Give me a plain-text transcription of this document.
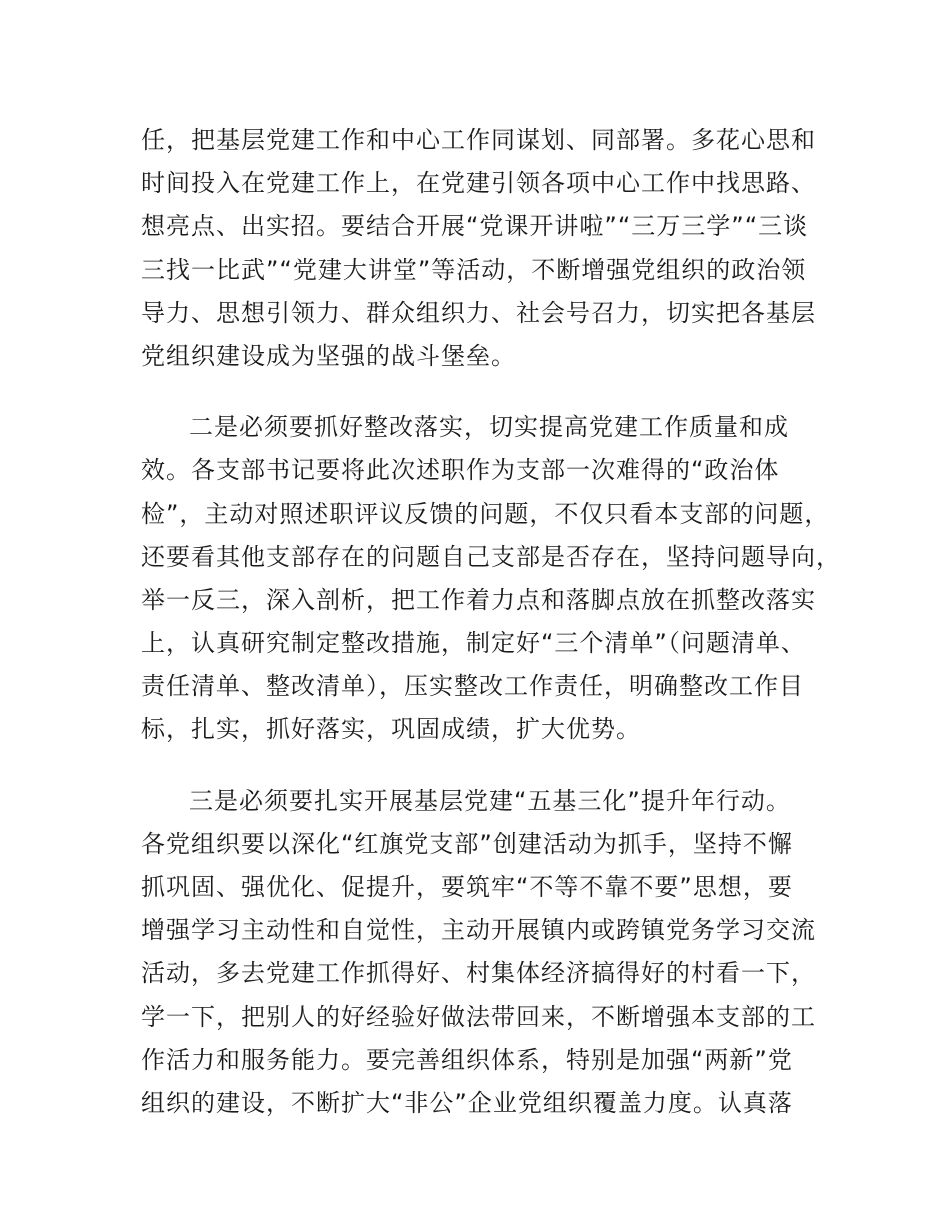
任，把基层党建工作和中心工作同谋划、同部署。多花心思和
时间投入在党建工作上，在党建引领各项中心工作中找思路、
想亮点、出实招。要结合开展“党课开讲啦”“三万三学”“三谈
三找一比武”“党建大讲堂”等活动，不断增强党组织的政治领
导力、思想引领力、群众组织力、社会号召力，切实把各基层
党组织建设成为坚强的战斗堡垒。
二是必须要抓好整改落实，切实提高党建工作质量和成
效。各支部书记要将此次述职作为支部一次难得的“政治体
检”，主动对照述职评议反馈的问题，不仅只看本支部的问题，
还要看其他支部存在的问题自己支部是否存在，坚持问题导向，
举一反三，深入剖析，把工作着力点和落脚点放在抓整改落实
上，认真研究制定整改措施，制定好“三个清单”（问题清单、
责任清单、整改清单），压实整改工作责任，明确整改工作目
标，扎实，抓好落实，巩固成绩，扩大优势。
三是必须要扎实开展基层党建“五基三化”提升年行动。
各党组织要以深化“红旗党支部”创建活动为抓手，坚持不懈
抓巩固、强优化、促提升，要筑牢“不等不靠不要”思想，要
增强学习主动性和自觉性，主动开展镇内或跨镇党务学习交流
活动，多去党建工作抓得好、村集体经济搞得好的村看一下，
学一下，把别人的好经验好做法带回来，不断增强本支部的工
作活力和服务能力。要完善组织体系，特别是加强“两新”党
组织的建设，不断扩大“非公”企业党组织覆盖力度。认真落
